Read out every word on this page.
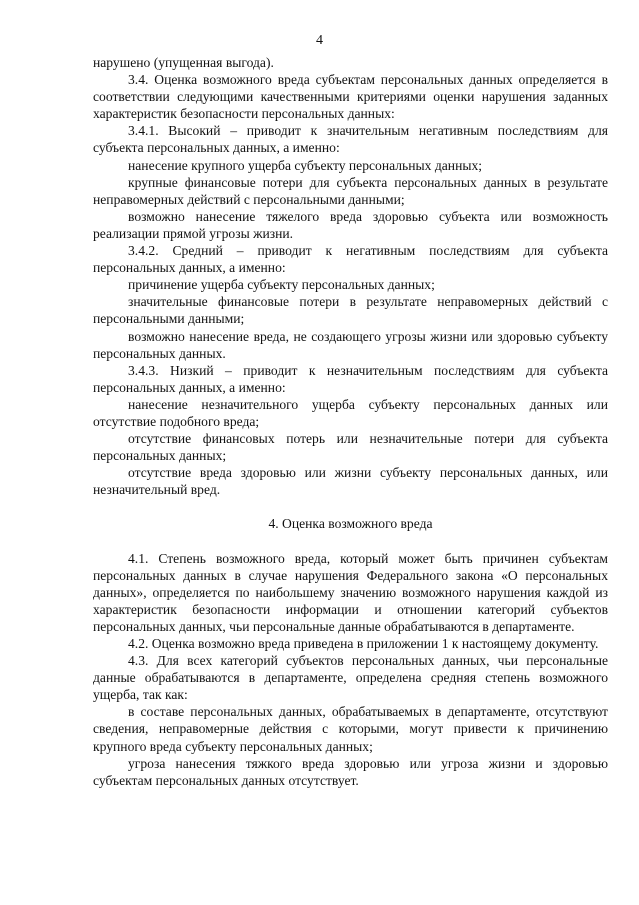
4

нарушено (упущенная выгода).

3.4. Оценка возможного вреда субъектам персональных данных определяется в соответствии следующими качественными критериями оценки нарушения заданных характеристик безопасности персональных данных:

3.4.1. Высокий – приводит к значительным негативным последствиям для субъекта персональных данных, а именно:

нанесение крупного ущерба субъекту персональных данных;

крупные финансовые потери для субъекта персональных данных в результате неправомерных действий с персональными данными;

возможно нанесение тяжелого вреда здоровью субъекта или возможность реализации прямой угрозы жизни.

3.4.2. Средний – приводит к негативным последствиям для субъекта персональных данных, а именно:

причинение ущерба субъекту персональных данных;

значительные финансовые потери в результате неправомерных действий с персональными данными;

возможно нанесение вреда, не создающего угрозы жизни или здоровью субъекту персональных данных.

3.4.3. Низкий – приводит к незначительным последствиям для субъекта персональных данных, а именно:

нанесение незначительного ущерба субъекту персональных данных или отсутствие подобного вреда;

отсутствие финансовых потерь или незначительные потери для субъекта персональных данных;

отсутствие вреда здоровью или жизни субъекту персональных данных, или незначительный вред.

4. Оценка возможного вреда

4.1. Степень возможного вреда, который может быть причинен субъектам персональных данных в случае нарушения Федерального закона «О персональных данных», определяется по наибольшему значению возможного нарушения каждой из характеристик безопасности информации и отношении категорий субъектов персональных данных, чьи персональные данные обрабатываются в департаменте.

4.2. Оценка возможно вреда приведена в приложении 1 к настоящему документу.

4.3. Для всех категорий субъектов персональных данных, чьи персональные данные обрабатываются в департаменте, определена средняя степень возможного ущерба, так как:

в составе персональных данных, обрабатываемых в департаменте, отсутствуют сведения, неправомерные действия с которыми, могут привести к причинению крупного вреда субъекту персональных данных;

угроза нанесения тяжкого вреда здоровью или угроза жизни и здоровью субъектам персональных данных отсутствует.
